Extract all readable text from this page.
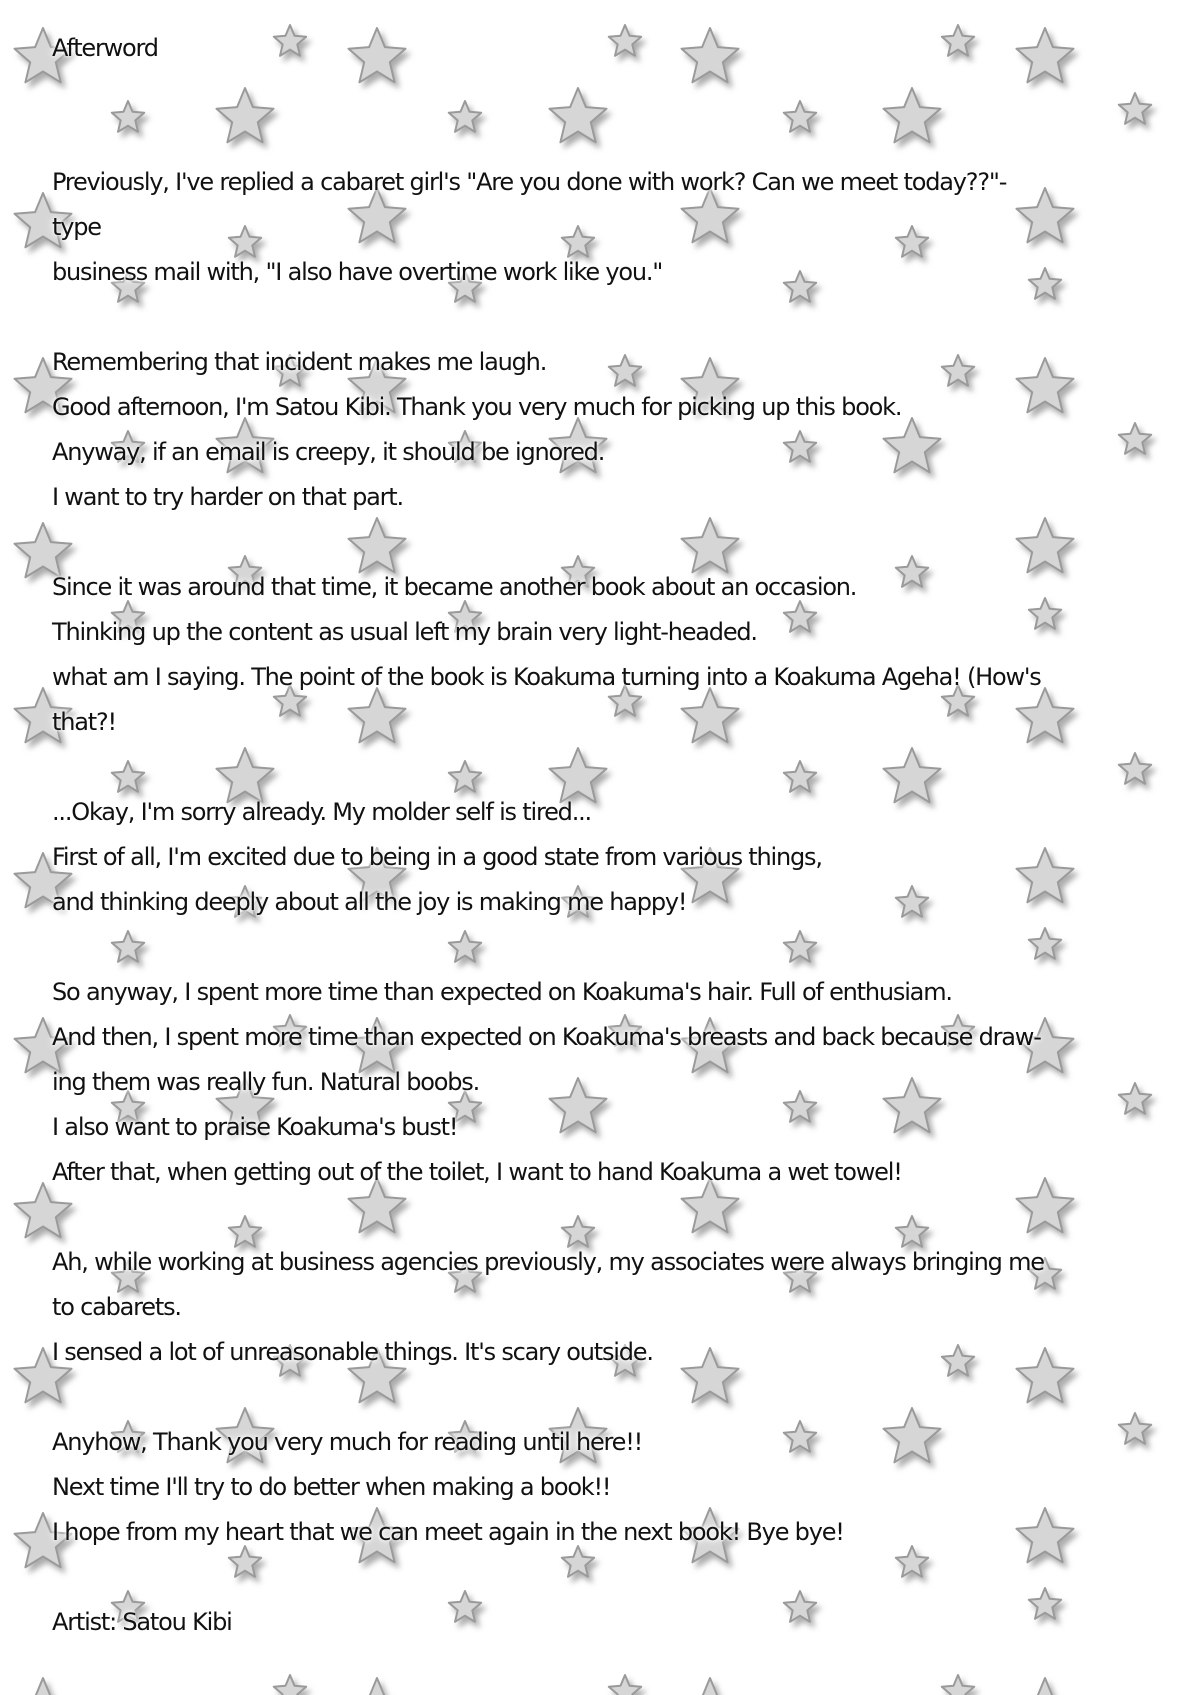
Afterword

Previously, I've replied a cabaret girl's "Are you done with work? Can we meet today??"-

type

business mail with, "I also have overtime work like you."

Remembering that incident makes me laugh.

Good afternoon, I'm Satou Kibi. Thank you very much for picking up this book.

Anyway, if an email is creepy, it should be ignored.

I want to try harder on that part.

Since it was around that time, it became another book about an occasion.

Thinking up the content as usual left my brain very light-headed.

what am I saying. The point of the book is Koakuma turning into a Koakuma Ageha! (How's

that?!

...Okay, I'm sorry already. My molder self is tired...

First of all, I'm excited due to being in a good state from various things,

and thinking deeply about all the joy is making me happy!

So anyway, I spent more time than expected on Koakuma's hair. Full of enthusiam.

And then, I spent more time than expected on Koakuma's breasts and back because draw-

ing them was really fun. Natural boobs.

I also want to praise Koakuma's bust!

After that, when getting out of the toilet, I want to hand Koakuma a wet towel!

Ah, while working at business agencies previously, my associates were always bringing me

to cabarets.

I sensed a lot of unreasonable things. It's scary outside.

Anyhow, Thank you very much for reading until here!!

Next time I'll try to do better when making a book!!

I hope from my heart that we can meet again in the next book! Bye bye!

Artist: Satou Kibi
